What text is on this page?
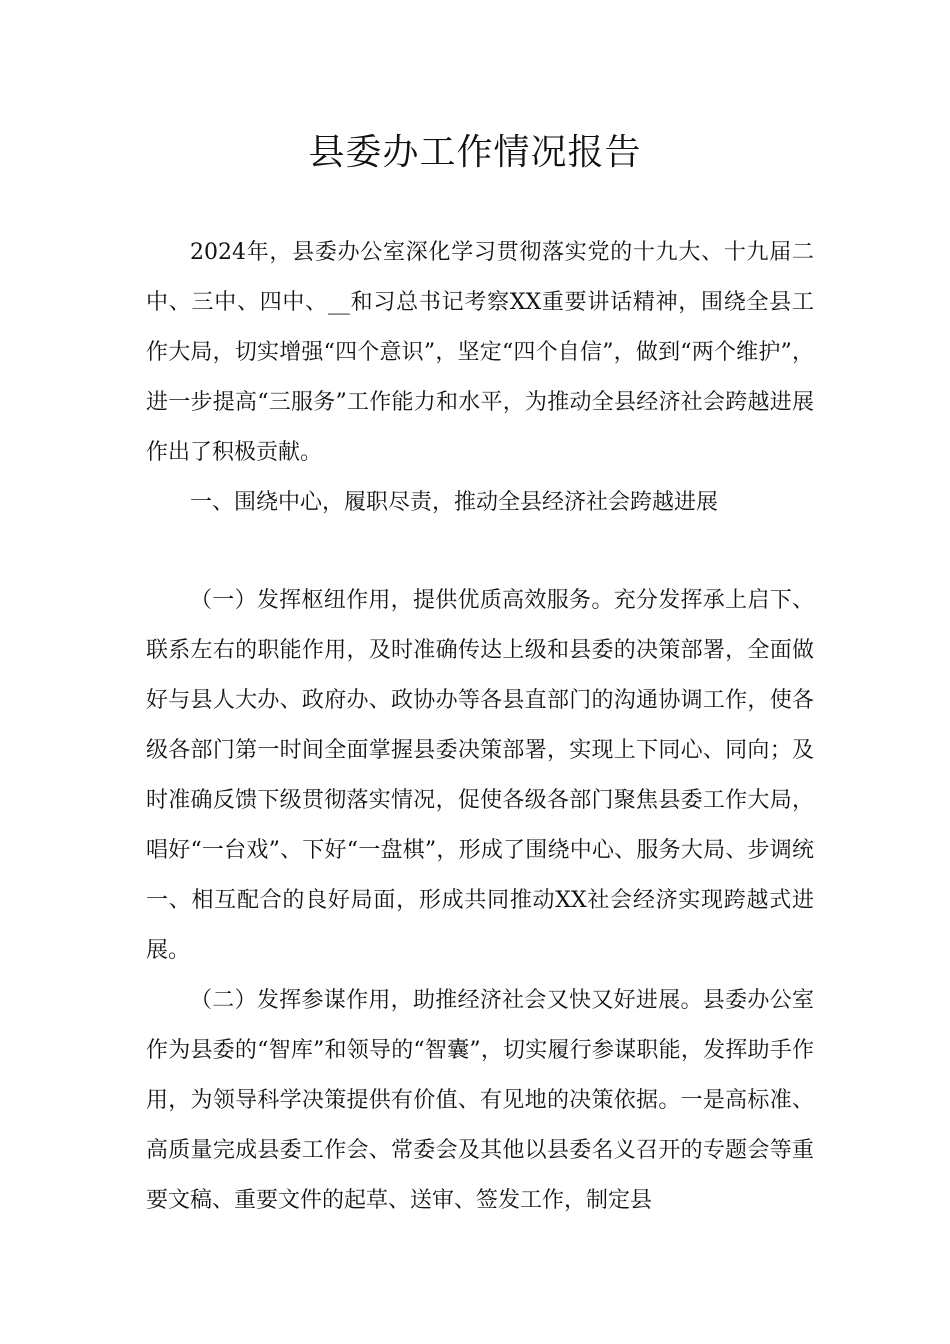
县委办工作情况报告

2024年，县委办公室深化学习贯彻落实党的十九大、十九届二中、三中、四中、__和习总书记考察XX重要讲话精神，围绕全县工作大局，切实增强“四个意识”，坚定“四个自信”，做到“两个维护”，进一步提高“三服务”工作能力和水平，为推动全县经济社会跨越进展作出了积极贡献。

一、围绕中心，履职尽责，推动全县经济社会跨越进展

（一）发挥枢纽作用，提供优质高效服务。充分发挥承上启下、联系左右的职能作用，及时准确传达上级和县委的决策部署，全面做好与县人大办、政府办、政协办等各县直部门的沟通协调工作，使各级各部门第一时间全面掌握县委决策部署，实现上下同心、同向；及时准确反馈下级贯彻落实情况，促使各级各部门聚焦县委工作大局，唱好“一台戏”、下好“一盘棋”，形成了围绕中心、服务大局、步调统一、相互配合的良好局面，形成共同推动XX社会经济实现跨越式进展。

（二）发挥参谋作用，助推经济社会又快又好进展。县委办公室作为县委的“智库”和领导的“智囊”，切实履行参谋职能，发挥助手作用，为领导科学决策提供有价值、有见地的决策依据。一是高标准、高质量完成县委工作会、常委会及其他以县委名义召开的专题会等重要文稿、重要文件的起草、送审、签发工作，制定县
